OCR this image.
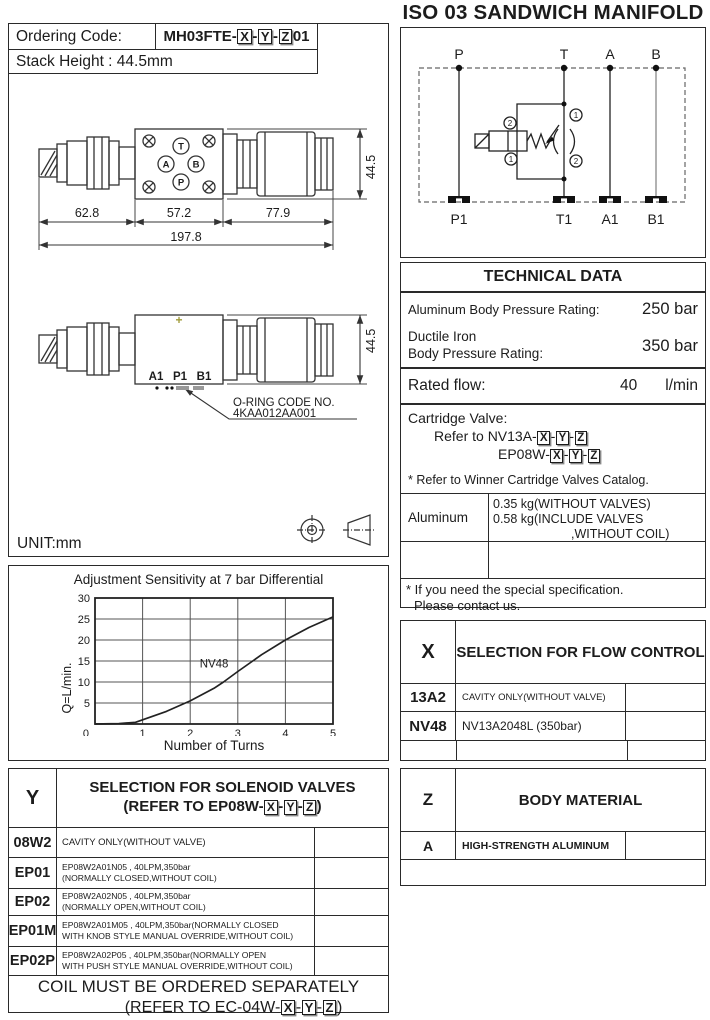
Ordering Code:	MH03FTE- X - Y - Z 01
Stack Height : 44.5mm
T
A B
P
62.8	57.2	77.9
197.8
44.5
+
A1 P1 B1
O-RING CODE NO.
4KAA012AA001
44.5
UNIT:mm
Adjustment Sensitivity at 7 bar Differential
Q=L/min.
1	2	3	4	5
5
10
15
20
25
30
0
NV48
Number of Turns
Y	SELECTION FOR SOLENOID VALVES
(REFER TO EP08W- X - Y - Z )
08W2	CAVITY ONLY(WITHOUT VALVE)
EP01	EP08W2A01N05 , 40LPM,350bar
(NORMALLY CLOSED,WITHOUT COIL)
EP02	EP08W2A02N05 , 40LPM,350bar
(NORMALLY OPEN,WITHOUT COIL)
EP01M EP08W2A01M05 , 40LPM,350bar(NORMALLY CLOSED
WITH KNOB STYLE MANUAL OVERRIDE,WITHOUT COIL)
EP02P EP08W2A02P05 , 40LPM,350bar(NORMALLY OPEN
WITH PUSH STYLE MANUAL OVERRIDE,WITHOUT COIL)
COIL MUST BE ORDERED SEPARATELY
(REFER TO EC-04W- X - Y - Z )
ISO 03 SANDWICH MANIFOLD
P	T	A	B
P1	T1 A1 B1
2
1
1
2
TECHNICAL DATA
Aluminum Body Pressure Rating:	250 bar
Ductile Iron
Body Pressure Rating:	350 bar
Rated flow:	40 l/min
Cartridge Valve:
Refer to NV13A- X - Y - Z
EP08W- X - Y - Z
* Refer to Winner Cartridge Valves Catalog.
Aluminum
0.35 kg(WITHOUT VALVES)
0.58 kg(INCLUDE VALVES
,WITHOUT COIL)
* If you need the special specification.
Please contact us.
X	SELECTION FOR FLOW CONTROL
13A2	CAVITY ONLY(WITHOUT VALVE)
NV48	NV13A2048L (350bar)
Z	BODY MATERIAL
A	HIGH-STRENGTH ALUMINUM
